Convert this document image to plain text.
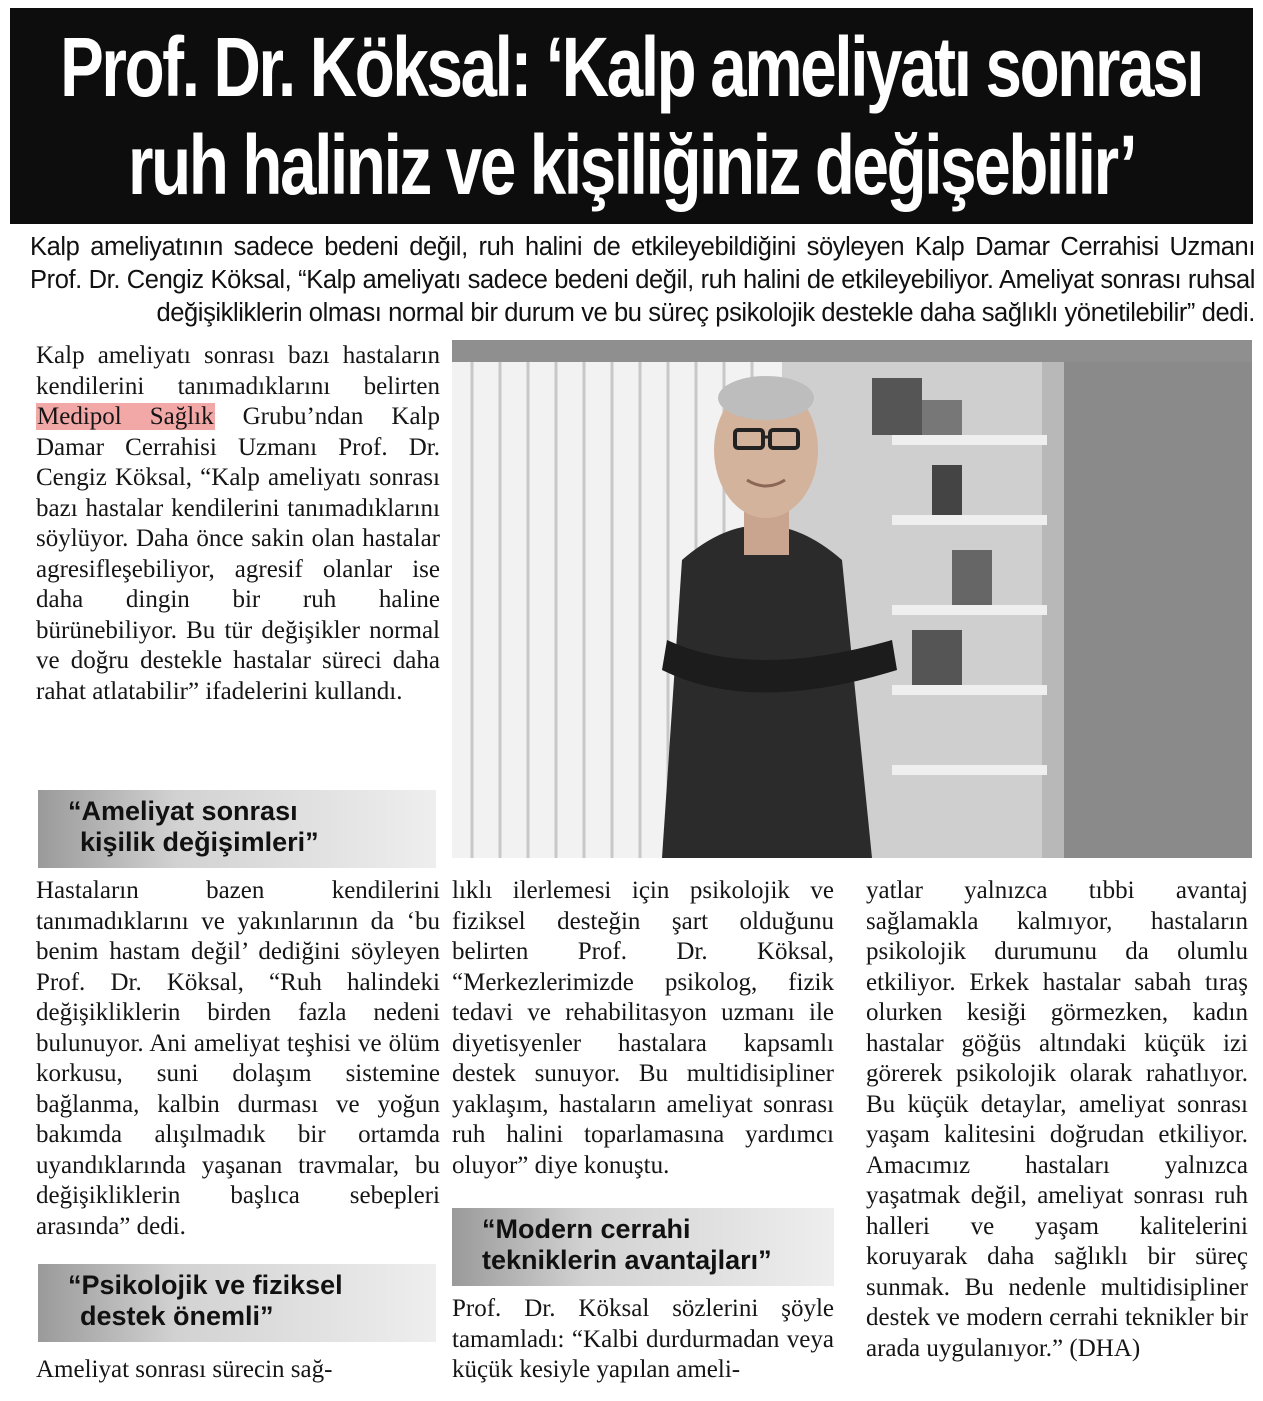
Prof. Dr. Köksal: ‘Kalp ameliyatı sonrası
ruh haliniz ve kişiliğiniz değişebilir’

Kalp ameliyatının sadece bedeni değil, ruh halini de etkileyebildiğini söyleyen Kalp Damar Cerrahisi Uzmanı Prof. Dr. Cengiz Köksal, “Kalp ameliyatı sadece bedeni değil, ruh halini de etkileyebiliyor. Ameliyat sonrası ruhsal değişikliklerin olması normal bir durum ve bu süreç psikolojik destekle daha sağlıklı yönetilebilir” dedi.

Kalp ameliyatı sonrası bazı hastaların kendilerini tanımadıklarını belirten Medipol Sağlık Grubu’ndan Kalp Damar Cerrahisi Uzmanı Prof. Dr. Cengiz Köksal, “Kalp ameliyatı sonrası bazı hastalar kendilerini tanımadıklarını söylüyor. Daha önce sakin olan hastalar agresifleşebiliyor, agresif olanlar ise daha dingin bir ruh haline bürünebiliyor. Bu tür değişikler normal ve doğru destekle hastalar süreci daha rahat atlatabilir” ifadelerini kullandı.

“Ameliyat sonrası
kişilik değişimleri”

Hastaların bazen kendilerini tanımadıklarını ve yakınlarının da ‘bu benim hastam değil’ dediğini söyleyen Prof. Dr. Köksal, “Ruh halindeki değişikliklerin birden fazla nedeni bulunuyor. Ani ameliyat teşhisi ve ölüm korkusu, suni dolaşım sistemine bağlanma, kalbin durması ve yoğun bakımda alışılmadık bir ortamda uyandıklarında yaşanan travmalar, bu değişikliklerin başlıca sebepleri arasında” dedi.

“Psikolojik ve fiziksel
destek önemli”

Ameliyat sonrası sürecin sağ-

lıklı ilerlemesi için psikolojik ve fiziksel desteğin şart olduğunu belirten Prof. Dr. Köksal, “Merkezlerimizde psikolog, fizik tedavi ve rehabilitasyon uzmanı ile diyetisyenler hastalara kapsamlı destek sunuyor. Bu multidisipliner yaklaşım, hastaların ameliyat sonrası ruh halini toparlamasına yardımcı oluyor” diye konuştu.

“Modern cerrahi
tekniklerin avantajları”

Prof. Dr. Köksal sözlerini şöyle tamamladı: “Kalbi durdurmadan veya küçük kesiyle yapılan ameli-

yatlar yalnızca tıbbi avantaj sağlamakla kalmıyor, hastaların psikolojik durumunu da olumlu etkiliyor. Erkek hastalar sabah tıraş olurken kesiği görmezken, kadın hastalar göğüs altındaki küçük izi görerek psikolojik olarak rahatlıyor. Bu küçük detaylar, ameliyat sonrası yaşam kalitesini doğrudan etkiliyor. Amacımız hastaları yalnızca yaşatmak değil, ameliyat sonrası ruh halleri ve yaşam kalitelerini koruyarak daha sağlıklı bir süreç sunmak. Bu nedenle multidisipliner destek ve modern cerrahi teknikler bir arada uygulanıyor.” (DHA)
